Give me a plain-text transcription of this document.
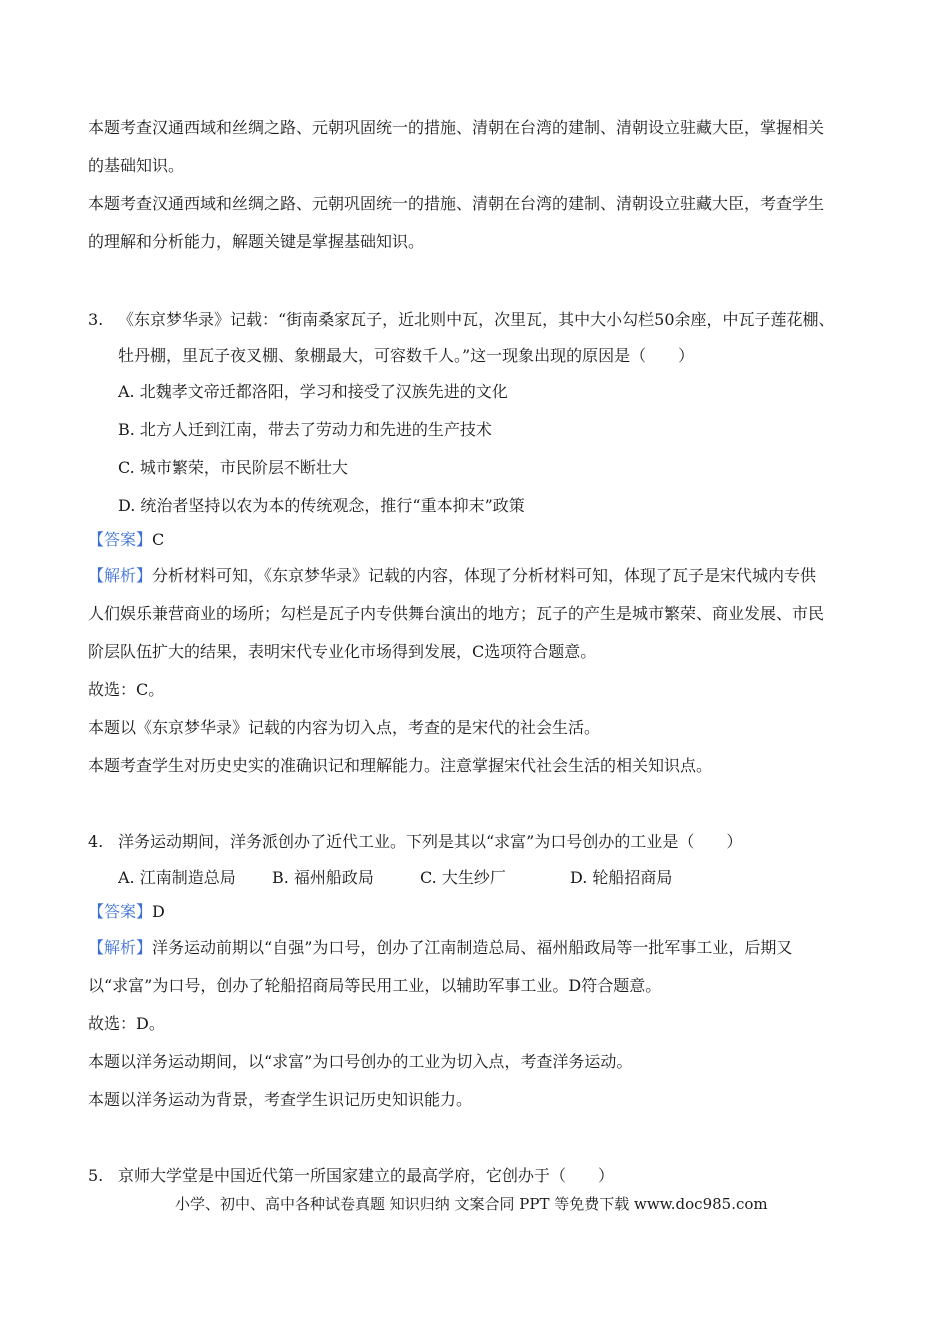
本题考查汉通西域和丝绸之路、元朝巩固统一的措施、清朝在台湾的建制、清朝设立驻藏大臣，掌握相关
的基础知识。
本题考查汉通西域和丝绸之路、元朝巩固统一的措施、清朝在台湾的建制、清朝设立驻藏大臣，考查学生
的理解和分析能力，解题关键是掌握基础知识。
3. 《东京梦华录》记载：“街南桑家瓦子，近北则中瓦，次里瓦，其中大小勾栏50余座，中瓦子莲花棚、
牡丹棚，里瓦子夜叉棚、象棚最大，可容数千人。”这一现象出现的原因是（　　）
A. 北魏孝文帝迁都洛阳，学习和接受了汉族先进的文化
B. 北方人迁到江南，带去了劳动力和先进的生产技术
C. 城市繁荣，市民阶层不断壮大
D. 统治者坚持以农为本的传统观念，推行“重本抑末”政策
【答案】C
【解析】分析材料可知，《东京梦华录》记载的内容，体现了分析材料可知，体现了瓦子是宋代城内专供
人们娱乐兼营商业的场所；勾栏是瓦子内专供舞台演出的地方；瓦子的产生是城市繁荣、商业发展、市民
阶层队伍扩大的结果，表明宋代专业化市场得到发展，C选项符合题意。
故选：C。
本题以《东京梦华录》记载的内容为切入点，考查的是宋代的社会生活。
本题考查学生对历史史实的准确识记和理解能力。注意掌握宋代社会生活的相关知识点。
4. 洋务运动期间，洋务派创办了近代工业。下列是其以“求富”为口号创办的工业是（　　）
A. 江南制造总局 B. 福州船政局	C. 大生纱厂	D. 轮船招商局
【答案】D
【解析】洋务运动前期以“自强”为口号，创办了江南制造总局、福州船政局等一批军事工业，后期又
以“求富”为口号，创办了轮船招商局等民用工业，以辅助军事工业。D符合题意。
故选：D。
本题以洋务运动期间，以“求富”为口号创办的工业为切入点，考查洋务运动。
本题以洋务运动为背景，考查学生识记历史知识能力。
5. 京师大学堂是中国近代第一所国家建立的最高学府，它创办于（　　）
小学、初中、高中各种试卷真题 知识归纳 文案合同 PPT 等免费下载 www.doc985.com
